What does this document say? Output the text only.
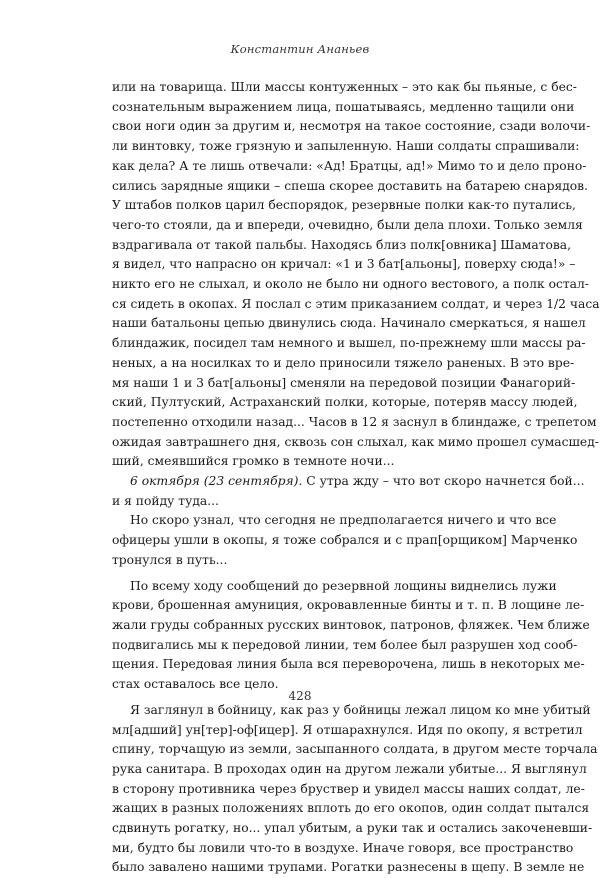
Константин Ананьев
или на товарища. Шли массы контуженных – это как бы пьяные, с бес-
сознательным выражением лица, пошатываясь, медленно тащили они
свои ноги один за другим и, несмотря на такое состояние, сзади волочи-
ли винтовку, тоже грязную и запыленную. Наши солдаты спрашивали:
как дела? А те лишь отвечали: «Ад! Братцы, ад!» Мимо то и дело проно-
сились зарядные ящики – спеша скорее доставить на батарею снарядов.
У штабов полков царил беспорядок, резервные полки как-то путались,
чего-то стояли, да и впереди, очевидно, были дела плохи. Только земля
вздрагивала от такой пальбы. Находясь близ полк[овника] Шаматова,
я видел, что напрасно он кричал: «1 и 3 бат[альоны], поверху сюда!» –
никто его не слыхал, и около не было ни одного вестового, а полк остал-
ся сидеть в окопах. Я послал с этим приказанием солдат, и через 1/2 часа
наши батальоны цепью двинулись сюда. Начинало смеркаться, я нашел
блиндажик, посидел там немного и вышел, по-прежнему шли массы ра-
неных, а на носилках то и дело приносили тяжело раненых. В это вре-
мя наши 1 и 3 бат[альоны] сменяли на передовой позиции Фанагорий-
ский, Пултуский, Астраханский полки, которые, потеряв массу людей,
постепенно отходили назад... Часов в 12 я заснул в блиндаже, с трепетом
ожидая завтрашнего дня, сквозь сон слыхал, как мимо прошел сумасшед-
ший, смеявшийся громко в темноте ночи...
6 октября (23 сентября). С утра жду – что вот скоро начнется бой...
и я пойду туда...
Но скоро узнал, что сегодня не предполагается ничего и что все
офицеры ушли в окопы, я тоже собрался и с прап[орщиком] Марченко
тронулся в путь...
По всему ходу сообщений до резервной лощины виднелись лужи
крови, брошенная амуниция, окровавленные бинты и т. п. В лощине ле-
жали груды собранных русских винтовок, патронов, фляжек. Чем ближе
подвигались мы к передовой линии, тем более был разрушен ход сооб-
щения. Передовая линия была вся переворочена, лишь в некоторых ме-
стах оставалось все цело.
Я заглянул в бойницу, как раз у бойницы лежал лицом ко мне убитый
мл[адший] ун[тер]-оф[ицер]. Я отшарахнулся. Идя по окопу, я встретил
спину, торчащую из земли, засыпанного солдата, в другом месте торчала
рука санитара. В проходах один на другом лежали убитые... Я выглянул
в сторону противника через бруствер и увидел массы наших солдат, ле-
жащих в разных положениях вплоть до его окопов, один солдат пытался
сдвинуть рогатку, но... упал убитым, а руки так и остались закоченевши-
ми, будто бы ловили что-то в воздухе. Иначе говоря, все пространство
было завалено нашими трупами. Рогатки разнесены в щепу. В земле не
428
